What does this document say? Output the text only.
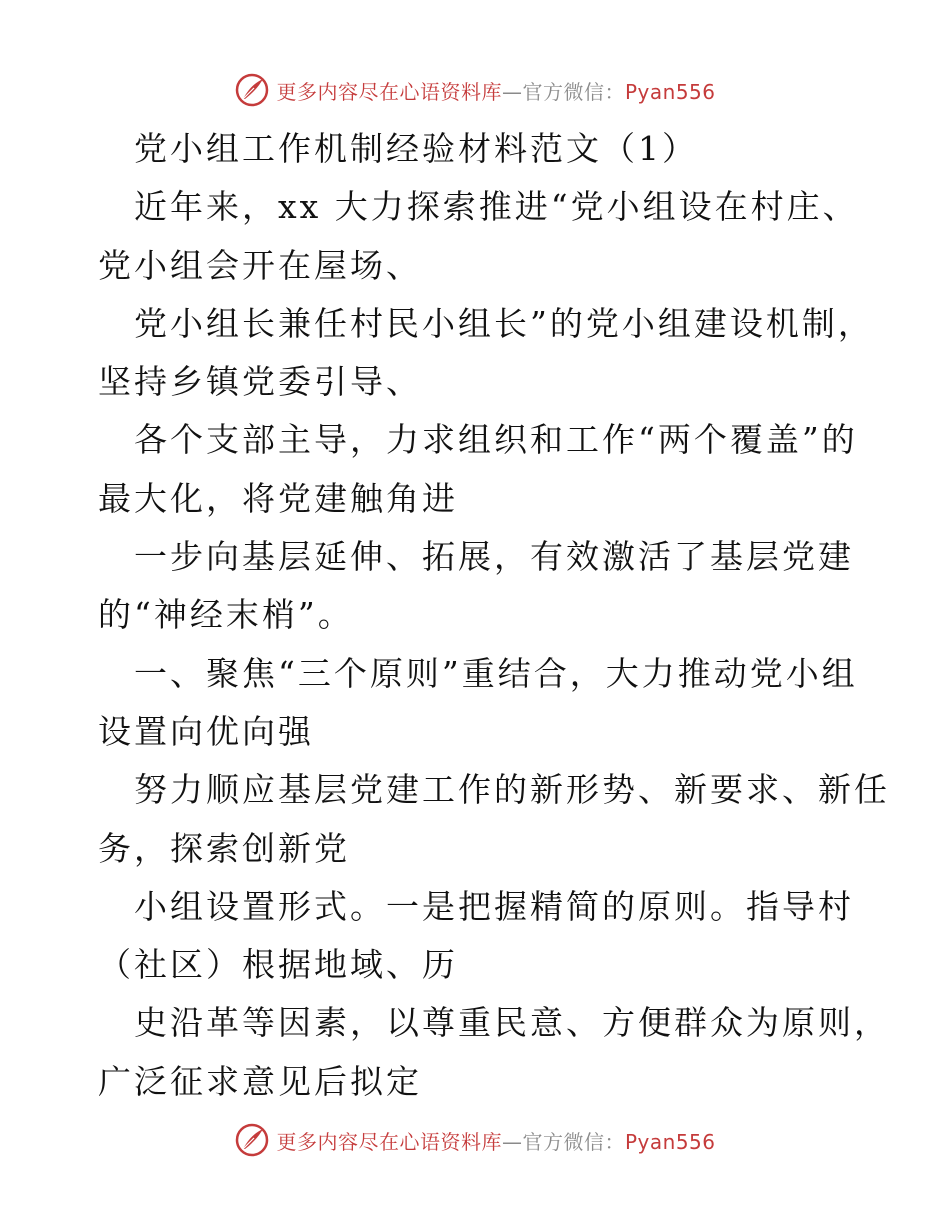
更多内容尽在心语资料库—官方微信：Pyan556
党小组工作机制经验材料范文（1）
近年来，xx 大力探索推进“党小组设在村庄、
党小组会开在屋场、
党小组长兼任村民小组长”的党小组建设机制，
坚持乡镇党委引导、
各个支部主导，力求组织和工作“两个覆盖”的
最大化，将党建触角进
一步向基层延伸、拓展，有效激活了基层党建
的“神经末梢”。
一、聚焦“三个原则”重结合，大力推动党小组
设置向优向强
努力顺应基层党建工作的新形势、新要求、新任
务，探索创新党
小组设置形式。一是把握精简的原则。指导村
（社区）根据地域、历
史沿革等因素，以尊重民意、方便群众为原则，
广泛征求意见后拟定
更多内容尽在心语资料库—官方微信：Pyan556
